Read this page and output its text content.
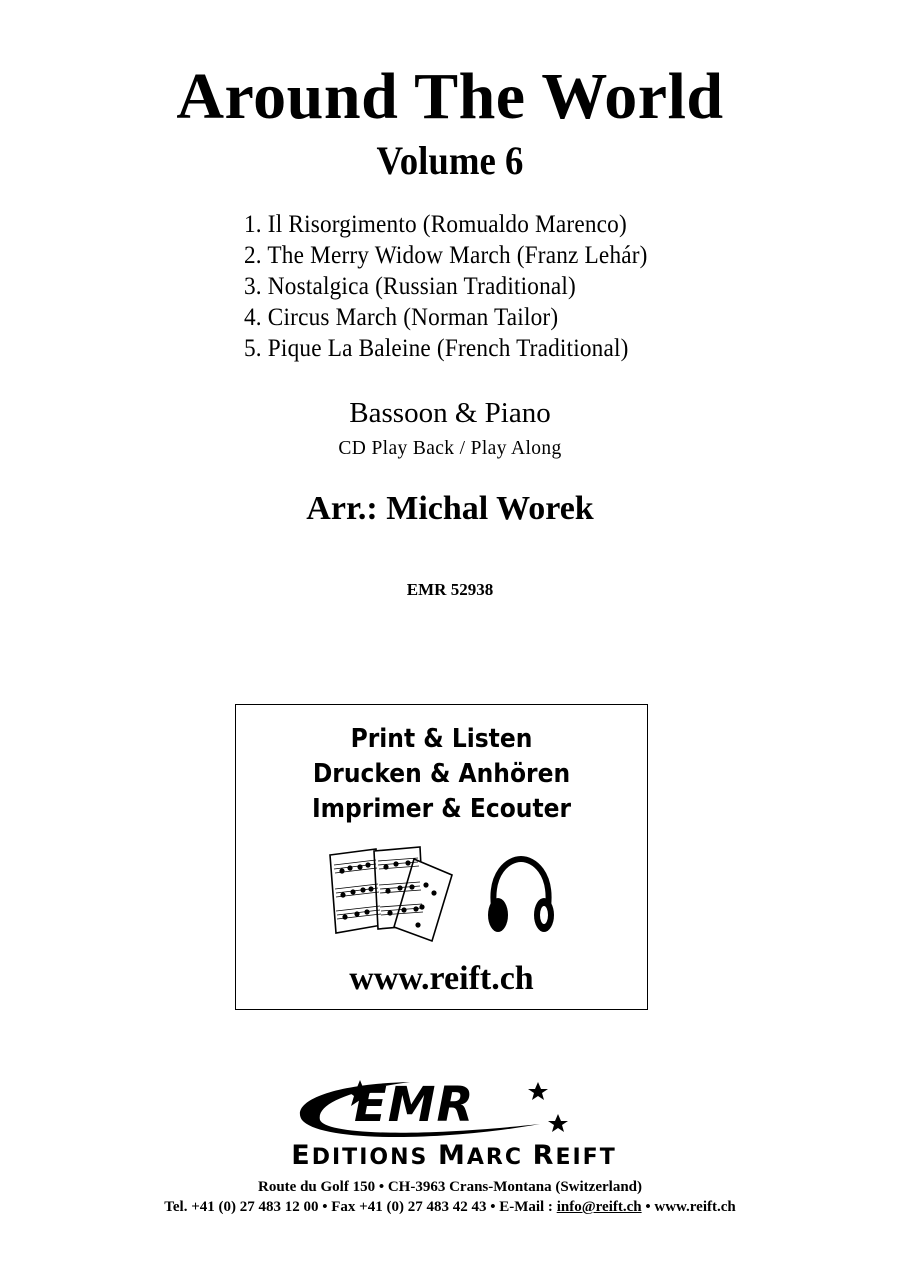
Around The World
Volume 6
1. Il Risorgimento (Romualdo Marenco)
2. The Merry Widow March (Franz Lehár)
3. Nostalgica (Russian Traditional)
4. Circus March (Norman Tailor)
5. Pique La Baleine (French Traditional)
Bassoon & Piano
CD Play Back / Play Along
Arr.: Michal Worek
EMR 52938
Print & Listen
Drucken & Anhören
Imprimer & Ecouter
www.reift.ch
EMR
EDITIONS MARC REIFT
Route du Golf 150 • CH-3963 Crans-Montana (Switzerland)
Tel. +41 (0) 27 483 12 00 • Fax +41 (0) 27 483 42 43 • E-Mail : info@reift.ch • www.reift.ch
